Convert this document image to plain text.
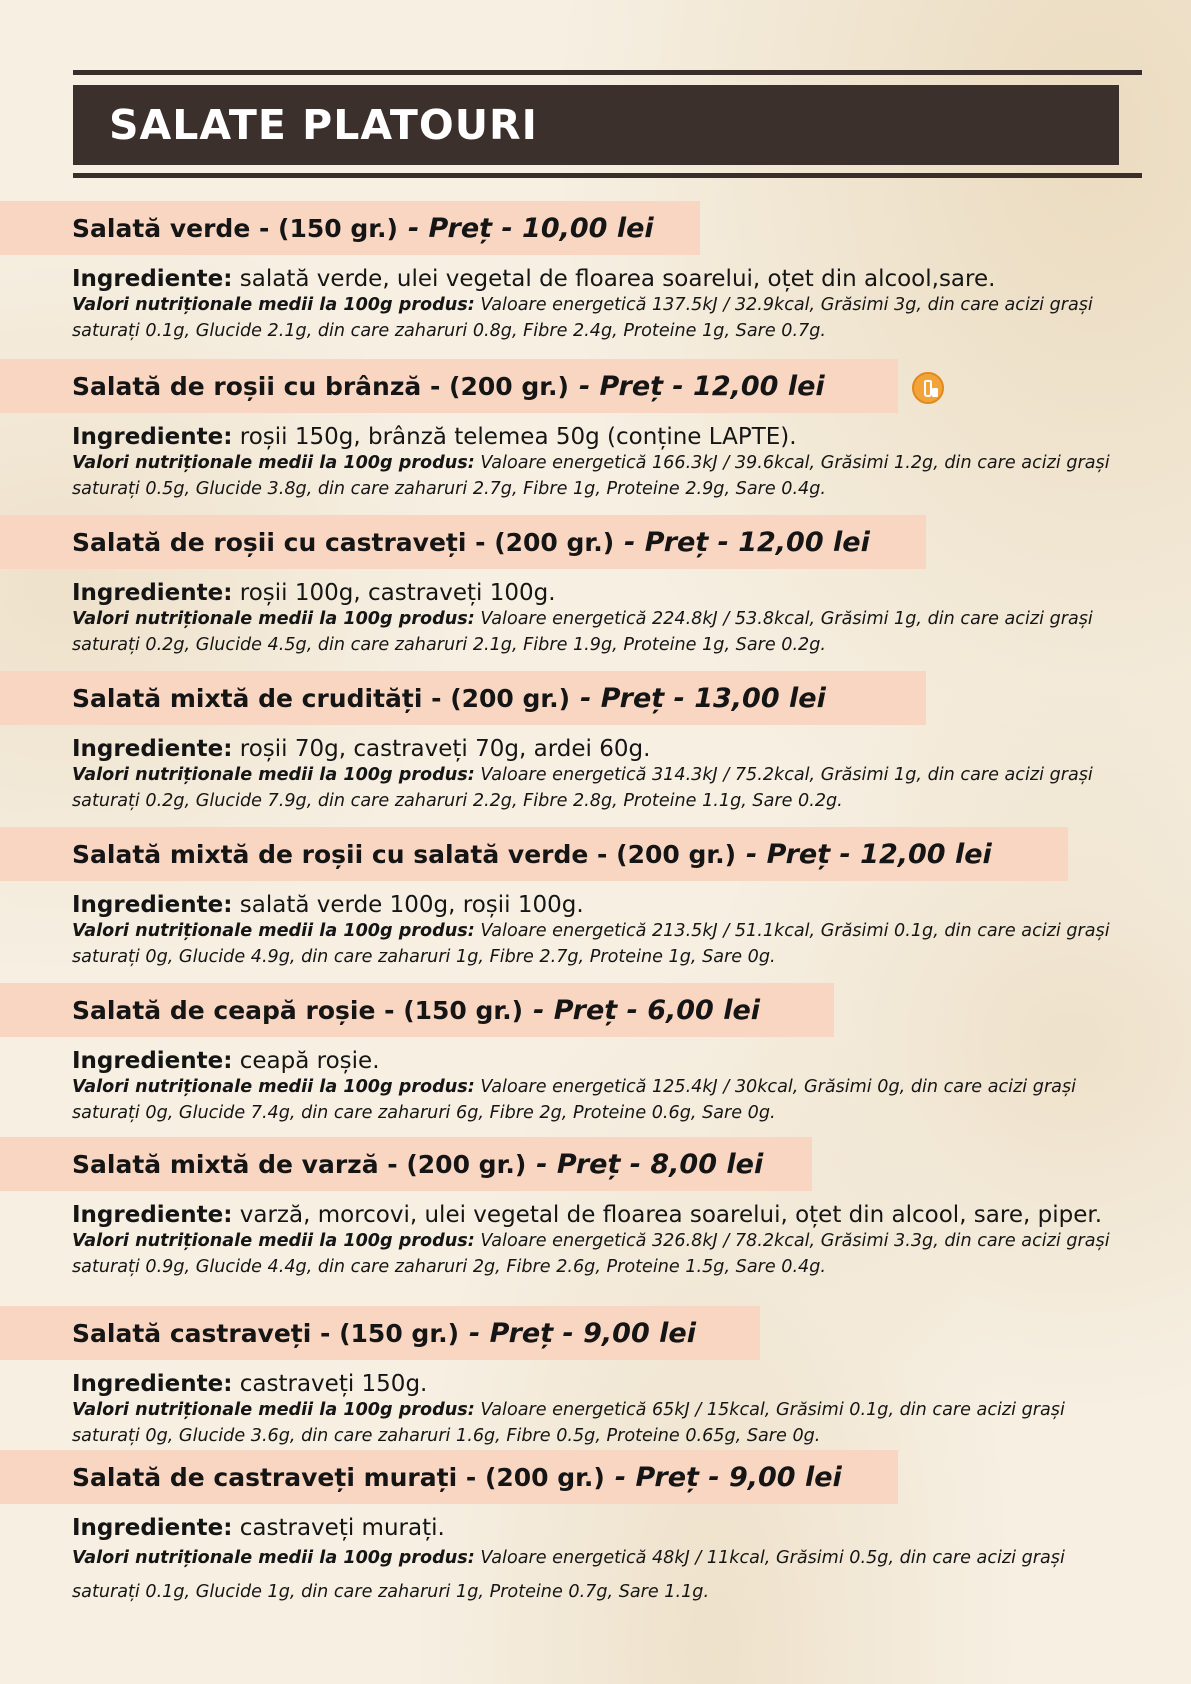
SALATE PLATOURI
Salată verde - (150 gr.) - Preț - 10,00 lei
Ingrediente: salată verde, ulei vegetal de floarea soarelui, oțet din alcool,sare.
Valori nutriționale medii la 100g produs: Valoare energetică 137.5kJ / 32.9kcal, Grăsimi 3g, din care acizi grași saturați 0.1g, Glucide 2.1g, din care zaharuri 0.8g, Fibre 2.4g, Proteine 1g, Sare 0.7g.
Salată de roșii cu brânză - (200 gr.) - Preț - 12,00 lei
Ingrediente: roșii 150g, brânză telemea 50g (conține LAPTE).
Valori nutriționale medii la 100g produs: Valoare energetică 166.3kJ / 39.6kcal, Grăsimi 1.2g, din care acizi grași saturați 0.5g, Glucide 3.8g, din care zaharuri 2.7g, Fibre 1g, Proteine 2.9g, Sare 0.4g.
Salată de roșii cu castraveți - (200 gr.) - Preț - 12,00 lei
Ingrediente: roșii 100g, castraveți 100g.
Valori nutriționale medii la 100g produs: Valoare energetică 224.8kJ / 53.8kcal, Grăsimi 1g, din care acizi grași saturați 0.2g, Glucide 4.5g, din care zaharuri 2.1g, Fibre 1.9g, Proteine 1g, Sare 0.2g.
Salată mixtă de crudități - (200 gr.) - Preț - 13,00 lei
Ingrediente: roșii 70g, castraveți 70g, ardei 60g.
Valori nutriționale medii la 100g produs: Valoare energetică 314.3kJ / 75.2kcal, Grăsimi 1g, din care acizi grași saturați 0.2g, Glucide 7.9g, din care zaharuri 2.2g, Fibre 2.8g, Proteine 1.1g, Sare 0.2g.
Salată mixtă de roșii cu salată verde - (200 gr.) - Preț - 12,00 lei
Ingrediente: salată verde 100g, roșii 100g.
Valori nutriționale medii la 100g produs: Valoare energetică 213.5kJ / 51.1kcal, Grăsimi 0.1g, din care acizi grași saturați 0g, Glucide 4.9g, din care zaharuri 1g, Fibre 2.7g, Proteine 1g, Sare 0g.
Salată de ceapă roșie - (150 gr.) - Preț - 6,00 lei
Ingrediente: ceapă roșie.
Valori nutriționale medii la 100g produs: Valoare energetică 125.4kJ / 30kcal, Grăsimi 0g, din care acizi grași saturați 0g, Glucide 7.4g, din care zaharuri 6g, Fibre 2g, Proteine 0.6g, Sare 0g.
Salată mixtă de varză - (200 gr.) - Preț - 8,00 lei
Ingrediente: varză, morcovi, ulei vegetal de floarea soarelui, oțet din alcool, sare, piper.
Valori nutriționale medii la 100g produs: Valoare energetică 326.8kJ / 78.2kcal, Grăsimi 3.3g, din care acizi grași saturați 0.9g, Glucide 4.4g, din care zaharuri 2g, Fibre 2.6g, Proteine 1.5g, Sare 0.4g.
Salată castraveți - (150 gr.) - Preț - 9,00 lei
Ingrediente: castraveți 150g.
Valori nutriționale medii la 100g produs: Valoare energetică 65kJ / 15kcal, Grăsimi 0.1g, din care acizi grași saturați 0g, Glucide 3.6g, din care zaharuri 1.6g, Fibre 0.5g, Proteine 0.65g, Sare 0g.
Salată de castraveți murați - (200 gr.) - Preț - 9,00 lei
Ingrediente: castraveți murați.
Valori nutriționale medii la 100g produs: Valoare energetică 48kJ / 11kcal, Grăsimi 0.5g, din care acizi grași saturați 0.1g, Glucide 1g, din care zaharuri 1g, Proteine 0.7g, Sare 1.1g.
